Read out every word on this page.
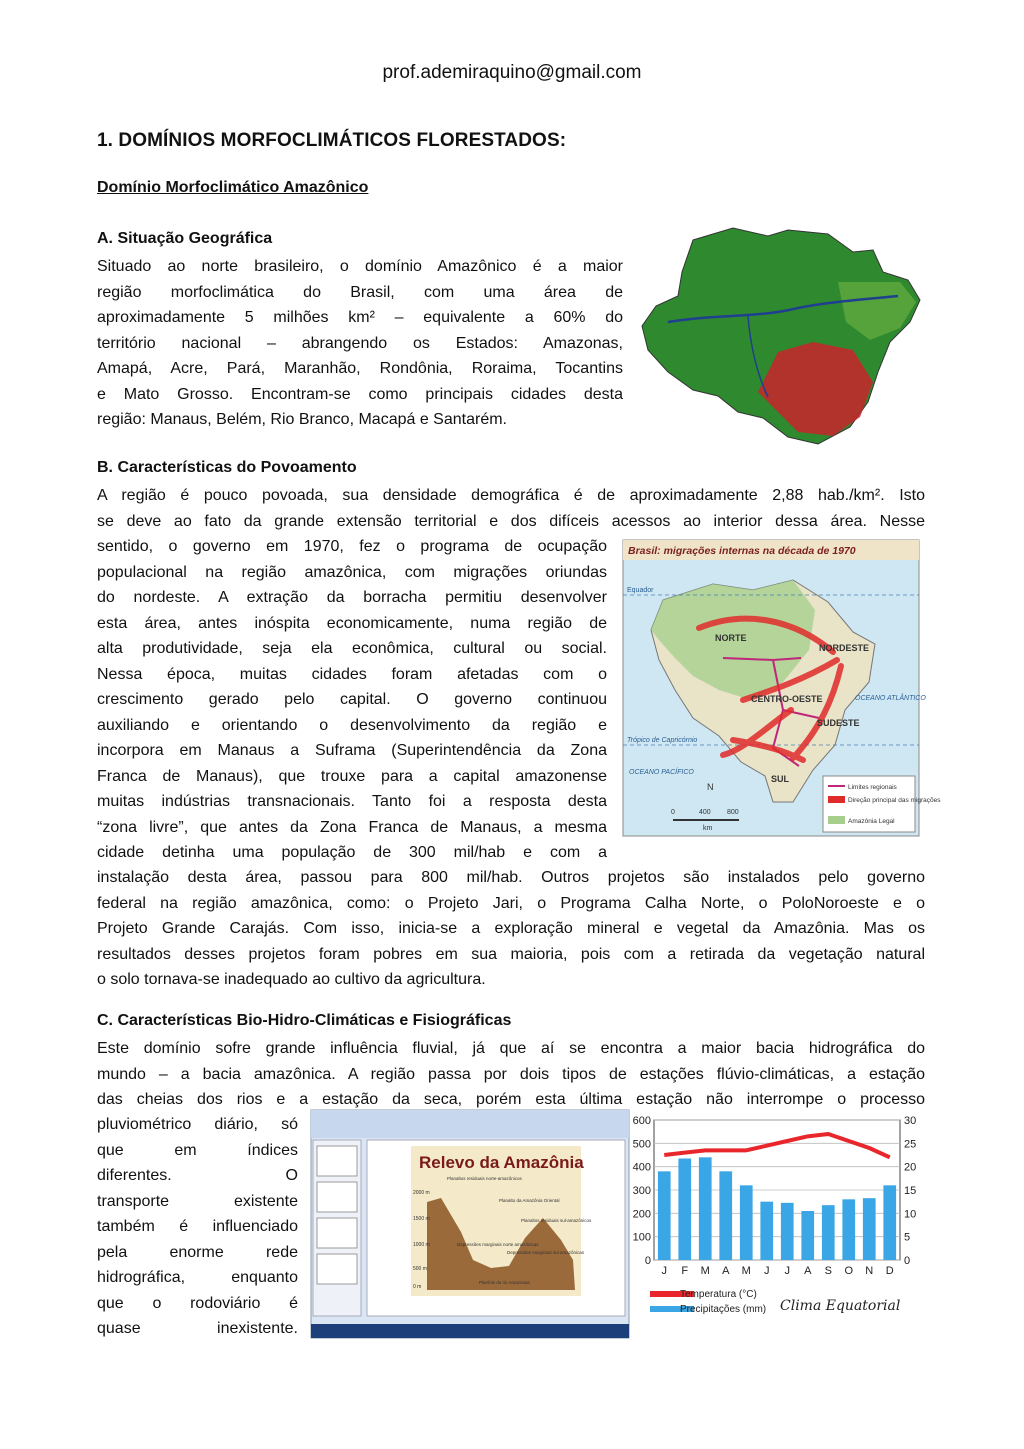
prof.ademiraquino@gmail.com
1. DOMÍNIOS MORFOCLIMÁTICOS FLORESTADOS:
Domínio Morfoclimático Amazônico
A. Situação Geográfica
Situado ao norte brasileiro, o domínio Amazônico é a maior
região morfoclimática do Brasil, com uma área de
aproximadamente 5 milhões km² – equivalente a 60% do
território nacional – abrangendo os Estados: Amazonas,
Amapá, Acre, Pará, Maranhão, Rondônia, Roraima, Tocantins
e Mato Grosso. Encontram-se como principais cidades desta
região: Manaus, Belém, Rio Branco, Macapá e Santarém.
B. Características do Povoamento
A região é pouco povoada, sua densidade demográfica é de aproximadamente 2,88 hab./km². Isto
se deve ao fato da grande extensão territorial e dos difíceis acessos ao interior dessa área. Nesse
sentido, o governo em 1970, fez o programa de ocupação
populacional na região amazônica, com migrações oriundas
do nordeste. A extração da borracha permitiu desenvolver
esta área, antes inóspita economicamente, numa região de
alta produtividade, seja ela econômica, cultural ou social.
Nessa época, muitas cidades foram afetadas com o
crescimento gerado pelo capital. O governo continuou
auxiliando e orientando o desenvolvimento da região e
incorpora em Manaus a Suframa (Superintendência da Zona
Franca de Manaus), que trouxe para a capital amazonense
muitas indústrias transnacionais. Tanto foi a resposta desta
“zona livre”, que antes da Zona Franca de Manaus, a mesma
cidade detinha uma população de 300 mil/hab e com a
instalação desta área, passou para 800 mil/hab. Outros projetos são instalados pelo governo
federal na região amazônica, como: o Projeto Jari, o Programa Calha Norte, o PoloNoroeste e o
Projeto Grande Carajás. Com isso, inicia-se a exploração mineral e vegetal da Amazônia. Mas os
resultados desses projetos foram pobres em sua maioria, pois com a retirada da vegetação natural
o solo tornava-se inadequado ao cultivo da agricultura.
Brasil: migrações internas na década de 1970
Equador
Trópico de Capricórnio
NORTE
NORDESTE
CENTRO-OESTE
SUDESTE
SUL
OCEANO ATLÂNTICO
OCEANO PACÍFICO
N
0	400 800
km
Limites regionais
Direção principal das migrações
Amazônia Legal
C. Características Bio-Hidro-Climáticas e Fisiográficas
Este domínio sofre grande influência fluvial, já que aí se encontra a maior bacia hidrográfica do
mundo – a bacia amazônica. A região passa por dois tipos de estações flúvio-climáticas, a estação
das cheias dos rios e a estação da seca, porém esta última estação não interrompe o processo
pluviométrico diário, só
que em índices
diferentes. O
transporte existente
também é influenciado
pela enorme rede
hidrográfica, enquanto
que o rodoviário é
quase inexistente.
Relevo da Amazônia
2000 m
1500 m
1000 m
500 m
0 m
Planaltos residuais norte-amazônicos
Planalto da Amazônia Oriental
Planaltos residuais sul-amazônicos
Depressões marginais norte amazônicas
Depressões marginais sul amazônicas
Planície do rio Amazonas
0
100
200
300
400
500
600
0
5
10
15
20
25
30
J F M A M J J A S O N D
Temperatura (°C)
Precipitações (mm) Clima Equatorial
